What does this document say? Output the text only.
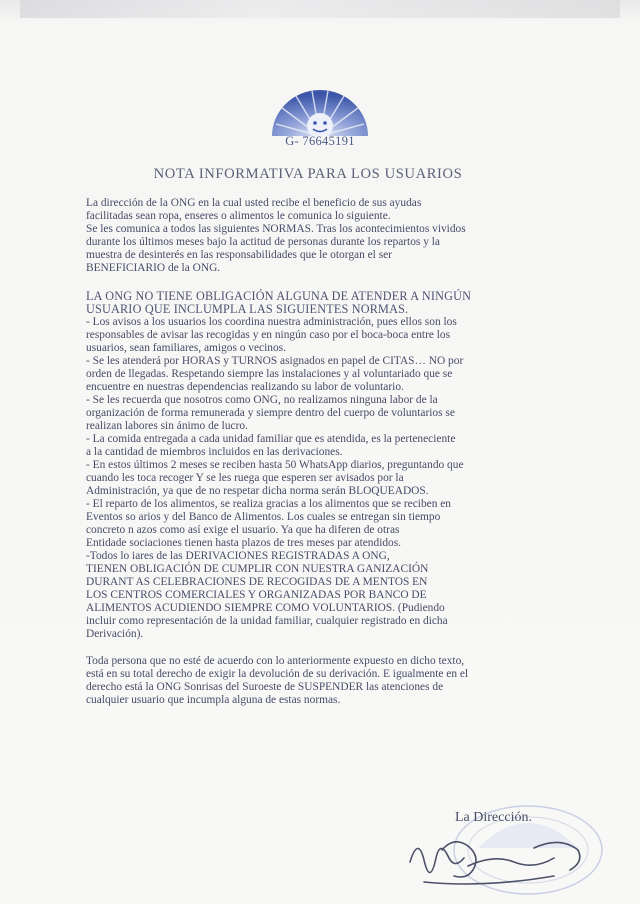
G- 76645191
NOTA INFORMATIVA PARA LOS USUARIOS
La dirección de la ONG en la cual usted recibe el beneficio de sus ayudas
facilitadas sean ropa, enseres o alimentos le comunica lo siguiente.
Se les comunica a todos las siguientes NORMAS. Tras los acontecimientos vividos
durante los últimos meses bajo la actitud de personas durante los repartos y la
muestra de desinterés en las responsabilidades que le otorgan el ser
BENEFICIARIO de la ONG.
LA ONG NO TIENE OBLIGACIÓN ALGUNA DE ATENDER A NINGÚN
USUARIO QUE INCLUMPLA LAS SIGUIENTES NORMAS.
- Los avisos a los usuarios los coordina nuestra administración, pues ellos son los
responsables de avisar las recogidas y en ningún caso por el boca-boca entre los
usuarios, sean familiares, amigos o vecinos.
- Se les atenderá por HORAS y TURNOS asignados en papel de CITAS… NO por
orden de llegadas. Respetando siempre las instalaciones y al voluntariado que se
encuentre en nuestras dependencias realizando su labor de voluntario.
- Se les recuerda que nosotros como ONG, no realizamos ninguna labor de la
organización de forma remunerada y siempre dentro del cuerpo de voluntarios se
realizan labores sin ánimo de lucro.
- La comida entregada a cada unidad familiar que es atendida, es la perteneciente
a la cantidad de miembros incluidos en las derivaciones.
- En estos últimos 2 meses se reciben hasta 50 WhatsApp diarios, preguntando que
cuando les toca recoger Y se les ruega que esperen ser avisados por la
Administración, ya que de no respetar dicha norma serán BLOQUEADOS.
- El reparto de los alimentos, se realiza gracias a los alimentos que se reciben en
Eventos so arios y del Banco de Alimentos. Los cuales se entregan sin tiempo
concreto n azos como así exige el usuario. Ya que ha diferen de otras
Entidade sociaciones tienen hasta plazos de tres meses par atendidos.
-Todos lo iares de las DERIVACIONES REGISTRADAS A ONG,
TIENEN OBLIGACIÓN DE CUMPLIR CON NUESTRA GANIZACIÓN
DURANT AS CELEBRACIONES DE RECOGIDAS DE A MENTOS EN
LOS CENTROS COMERCIALES Y ORGANIZADAS POR BANCO DE
ALIMENTOS ACUDIENDO SIEMPRE COMO VOLUNTARIOS. (Pudiendo
incluir como representación de la unidad familiar, cualquier registrado en dicha
Derivación).
Toda persona que no esté de acuerdo con lo anteriormente expuesto en dicho texto,
está en su total derecho de exigir la devolución de su derivación. E igualmente en el
derecho está la ONG Sonrisas del Suroeste de SUSPENDER las atenciones de
cualquier usuario que incumpla alguna de estas normas.
La Dirección.
